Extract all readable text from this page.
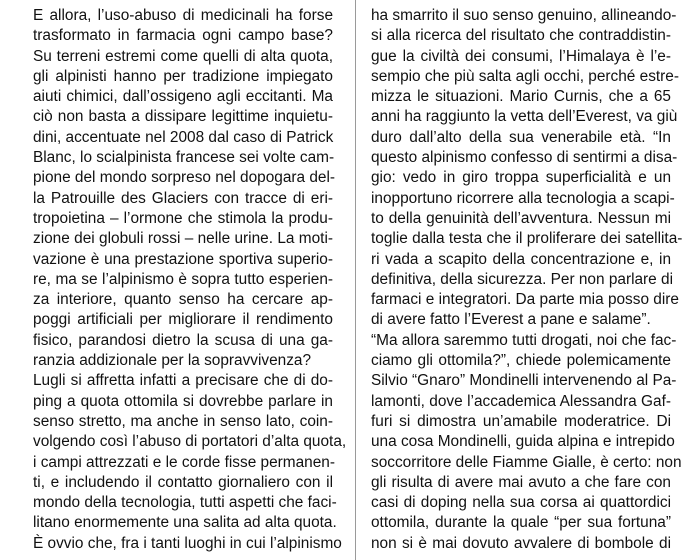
E allora, l’uso-abuso di medicinali ha forse
trasformato in farmacia ogni campo base?
Su terreni estremi come quelli di alta quota,
gli alpinisti hanno per tradizione impiegato
aiuti chimici, dall’ossigeno agli eccitanti. Ma
ciò non basta a dissipare legittime inquietu-
dini, accentuate nel 2008 dal caso di Patrick
Blanc, lo scialpinista francese sei volte cam-
pione del mondo sorpreso nel dopogara del-
la Patrouille des Glaciers con tracce di eri-
tropoietina – l’ormone che stimola la produ-
zione dei globuli rossi – nelle urine. La moti-
vazione è una prestazione sportiva superio-
re, ma se l’alpinismo è sopra tutto esperien-
za interiore, quanto senso ha cercare ap-
poggi artificiali per migliorare il rendimento
fisico, parandosi dietro la scusa di una ga-
ranzia addizionale per la sopravvivenza?
Lugli si affretta infatti a precisare che di do-
ping a quota ottomila si dovrebbe parlare in
senso stretto, ma anche in senso lato, coin-
volgendo così l’abuso di portatori d’alta quota,
i campi attrezzati e le corde fisse permanen-
ti, e includendo il contatto giornaliero con il
mondo della tecnologia, tutti aspetti che faci-
litano enormemente una salita ad alta quota.
È ovvio che, fra i tanti luoghi in cui l’alpinismo
ha smarrito il suo senso genuino, allineando-
si alla ricerca del risultato che contraddistin-
gue la civiltà dei consumi, l’Himalaya è l’e-
sempio che più salta agli occhi, perché estre-
mizza le situazioni. Mario Curnis, che a 65
anni ha raggiunto la vetta dell’Everest, va giù
duro dall’alto della sua venerabile età. “In
questo alpinismo confesso di sentirmi a disa-
gio: vedo in giro troppa superficialità e un
inopportuno ricorrere alla tecnologia a scapi-
to della genuinità dell’avventura. Nessun mi
toglie dalla testa che il proliferare dei satellita-
ri vada a scapito della concentrazione e, in
definitiva, della sicurezza. Per non parlare di
farmaci e integratori. Da parte mia posso dire
di avere fatto l’Everest a pane e salame”.
“Ma allora saremmo tutti drogati, noi che fac-
ciamo gli ottomila?”, chiede polemicamente
Silvio “Gnaro” Mondinelli intervenendo al Pa-
lamonti, dove l’accademica Alessandra Gaf-
furi si dimostra un’amabile moderatrice. Di
una cosa Mondinelli, guida alpina e intrepido
soccorritore delle Fiamme Gialle, è certo: non
gli risulta di avere mai avuto a che fare con
casi di doping nella sua corsa ai quattordici
ottomila, durante la quale “per sua fortuna”
non si è mai dovuto avvalere di bombole di
